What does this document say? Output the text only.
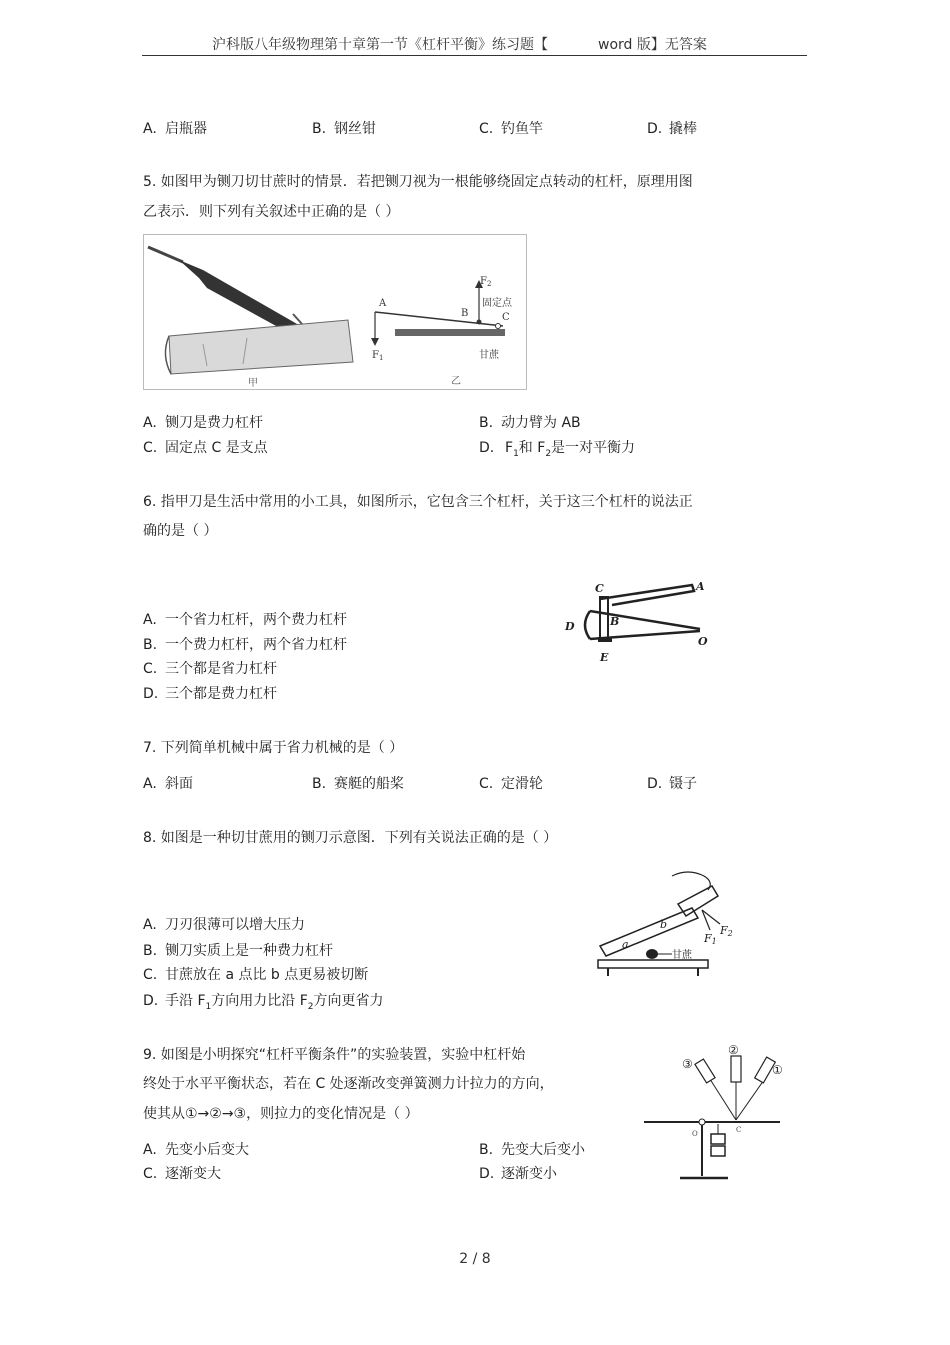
沪科版八年级物理第十章第一节《杠杆平衡》练习题【	word 版】无答案
A. 启瓶器	B. 钢丝钳	C. 钓鱼竿	D. 撬棒
5. 如图甲为铡刀切甘蔗时的情景．若把铡刀视为一根能够绕固定点转动的杠杆，原理用图
乙表示．则下列有关叙述中正确的是（ ）
甲
A
B	C
$F_1$
$F_2$
固定点
甘蔗
乙
A. 铡刀是费力杠杆	B. 动力臂为 AB
C. 固定点 C 是支点	D. $F_1$和 $F_2$是一对平衡力
6. 指甲刀是生活中常用的小工具，如图所示，它包含三个杠杆，关于这三个杠杆的说法正
确的是（ ）
C	A
D	B
E
O
A. 一个省力杠杆，两个费力杠杆
B. 一个费力杠杆，两个省力杠杆
C. 三个都是省力杠杆
D. 三个都是费力杠杆
7. 下列简单机械中属于省力机械的是（ ）
A. 斜面	B. 赛艇的船桨	C. 定滑轮	D. 镊子
8. 如图是一种切甘蔗用的铡刀示意图．下列有关说法正确的是（ ）
a
b
甘蔗
F1
F2
A. 刀刃很薄可以增大压力
B. 铡刀实质上是一种费力杠杆
C. 甘蔗放在 a 点比 b 点更易被切断
D. 手沿 $F_1$方向用力比沿 $F_2$方向更省力
9. 如图是小明探究“杠杆平衡条件”的实验装置，实验中杠杆始
终处于水平平衡状态，若在 C 处逐渐改变弹簧测力计拉力的方向，
使其从①→②→③，则拉力的变化情况是（ ）
③
②
①
O	C
A. 先变小后变大	B. 先变大后变小
C. 逐渐变大	D. 逐渐变小
2 / 8
